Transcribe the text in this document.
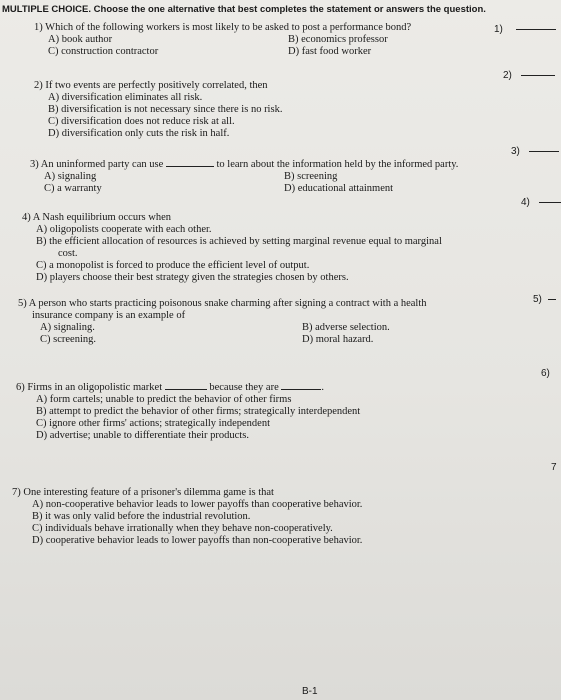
MULTIPLE CHOICE. Choose the one alternative that best completes the statement or answers the question.
1) Which of the following workers is most likely to be asked to post a performance bond?
A) book author	B) economics professor
C) construction contractor	D) fast food worker
1)
2) If two events are perfectly positively correlated, then
A) diversification eliminates all risk.
B) diversification is not necessary since there is no risk.
C) diversification does not reduce risk at all.
D) diversification only cuts the risk in half.
2)
3) An uninformed party can use	to learn about the information held by the informed party.
A) signaling	B) screening
C) a warranty	D) educational attainment
3)
4) A Nash equilibrium occurs when
A) oligopolists cooperate with each other.
B) the efficient allocation of resources is achieved by setting marginal revenue equal to marginal
cost.
C) a monopolist is forced to produce the efficient level of output.
D) players choose their best strategy given the strategies chosen by others.
4)
5) A person who starts practicing poisonous snake charming after signing a contract with a health
insurance company is an example of
A) signaling.	B) adverse selection.
C) screening.	D) moral hazard.
5)
6) Firms in an oligopolistic market	because they are	.
A) form cartels; unable to predict the behavior of other firms
B) attempt to predict the behavior of other firms; strategically interdependent
C) ignore other firms' actions; strategically independent
D) advertise; unable to differentiate their products.
6)
7) One interesting feature of a prisoner's dilemma game is that
A) non-cooperative behavior leads to lower payoffs than cooperative behavior.
B) it was only valid before the industrial revolution.
C) individuals behave irrationally when they behave non-cooperatively.
D) cooperative behavior leads to lower payoffs than non-cooperative behavior.
7
B-1
